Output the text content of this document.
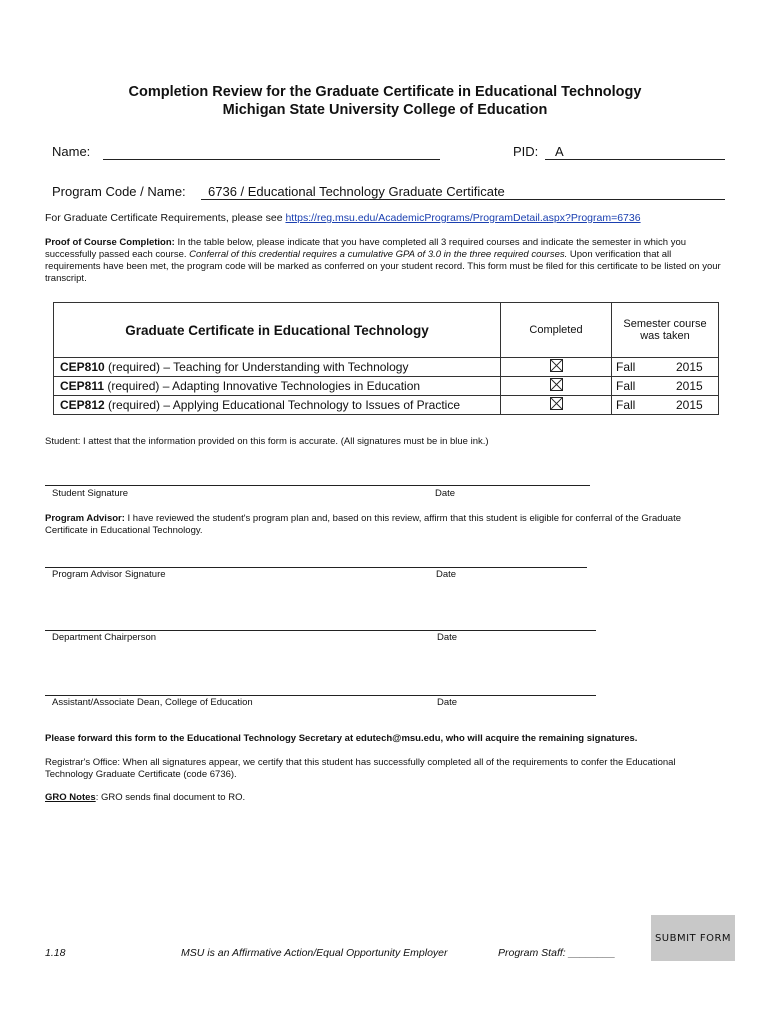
Completion Review for the Graduate Certificate in Educational Technology
Michigan State University College of Education
Name:	PID: A
Program Code / Name: 6736 / Educational Technology Graduate Certificate
For Graduate Certificate Requirements, please see https://reg.msu.edu/AcademicPrograms/ProgramDetail.aspx?Program=6736
Proof of Course Completion: In the table below, please indicate that you have completed all 3 required courses and indicate the semester in which you successfully passed each course. Conferral of this credential requires a cumulative GPA of 3.0 in the three required courses. Upon verification that all requirements have been met, the program code will be marked as conferred on your student record. This form must be filed for this certificate to be listed on your transcript.
Graduate Certificate in Educational Technology	Completed	Semester course was taken
CEP810 (required) – Teaching for Understanding with Technology		Fall 2015
CEP811 (required) – Adapting Innovative Technologies in Education		Fall 2015
CEP812 (required) – Applying Educational Technology to Issues of Practice		Fall 2015
Student: I attest that the information provided on this form is accurate. (All signatures must be in blue ink.)
Student Signature	Date
Program Advisor: I have reviewed the student's program plan and, based on this review, affirm that this student is eligible for conferral of the Graduate Certificate in Educational Technology.
Program Advisor Signature	Date
Department Chairperson	Date
Assistant/Associate Dean, College of Education	Date
Please forward this form to the Educational Technology Secretary at edutech@msu.edu, who will acquire the remaining signatures.
Registrar's Office: When all signatures appear, we certify that this student has successfully completed all of the requirements to confer the Educational Technology Graduate Certificate (code 6736).
GRO Notes: GRO sends final document to RO.
SUBMIT FORM
1.18	MSU is an Affirmative Action/Equal Opportunity Employer	Program Staff: ________
